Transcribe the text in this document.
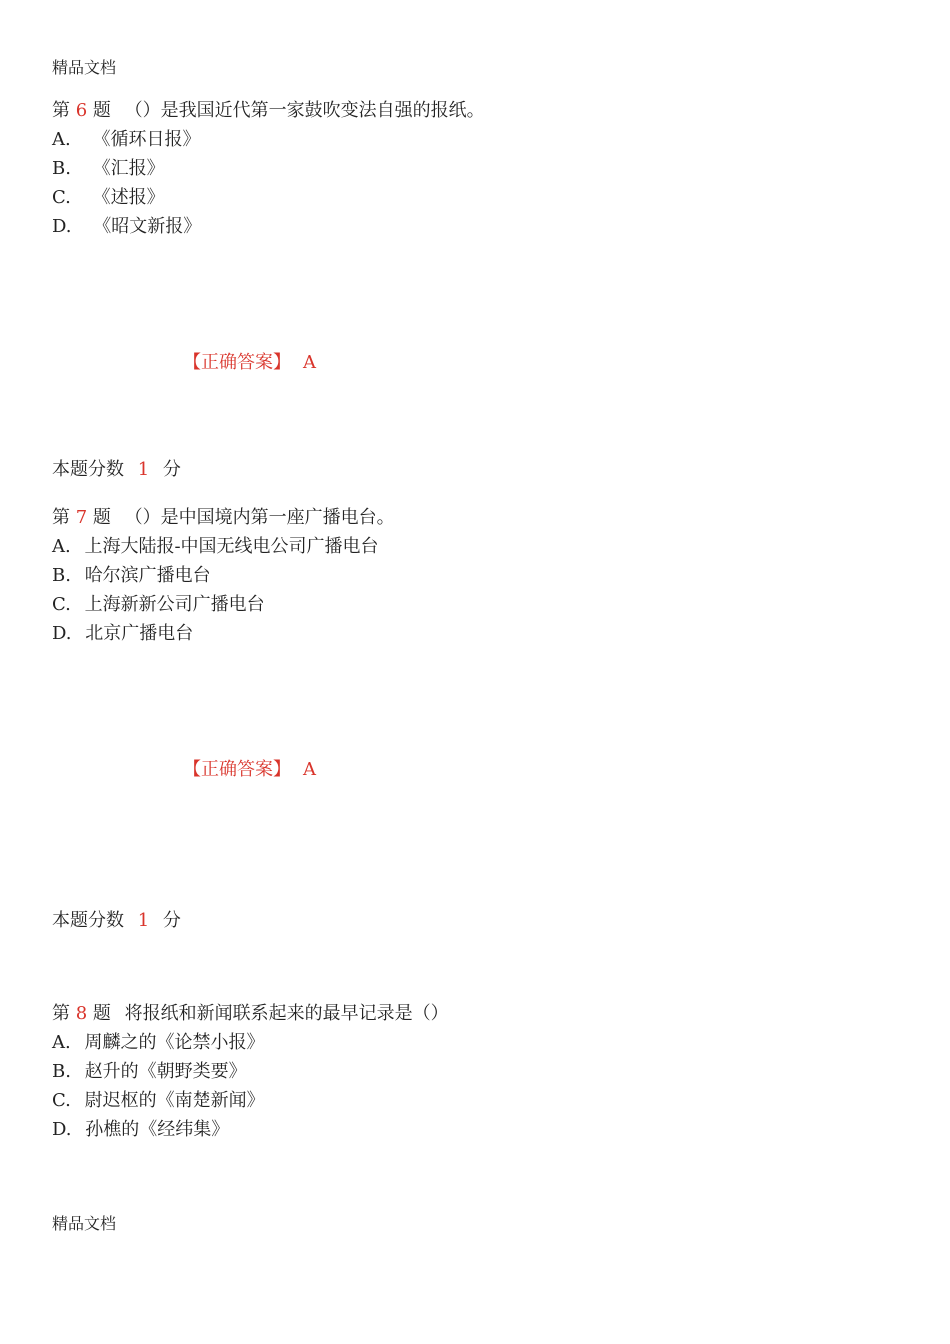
精品文档
第 6 题 （）是我国近代第一家鼓吹变法自强的报纸。
A. 《循环日报》
B. 《汇报》
C. 《述报》
D. 《昭文新报》
【正确答案】 A
本题分数 1 分
第 7 题 （）是中国境内第一座广播电台。
A. 上海大陆报-中国无线电公司广播电台
B. 哈尔滨广播电台
C. 上海新新公司广播电台
D. 北京广播电台
【正确答案】 A
本题分数 1 分
第 8 题 将报纸和新闻联系起来的最早记录是（）
A. 周麟之的《论禁小报》
B. 赵升的《朝野类要》
C. 尉迟枢的《南楚新闻》
D. 孙樵的《经纬集》
精品文档
